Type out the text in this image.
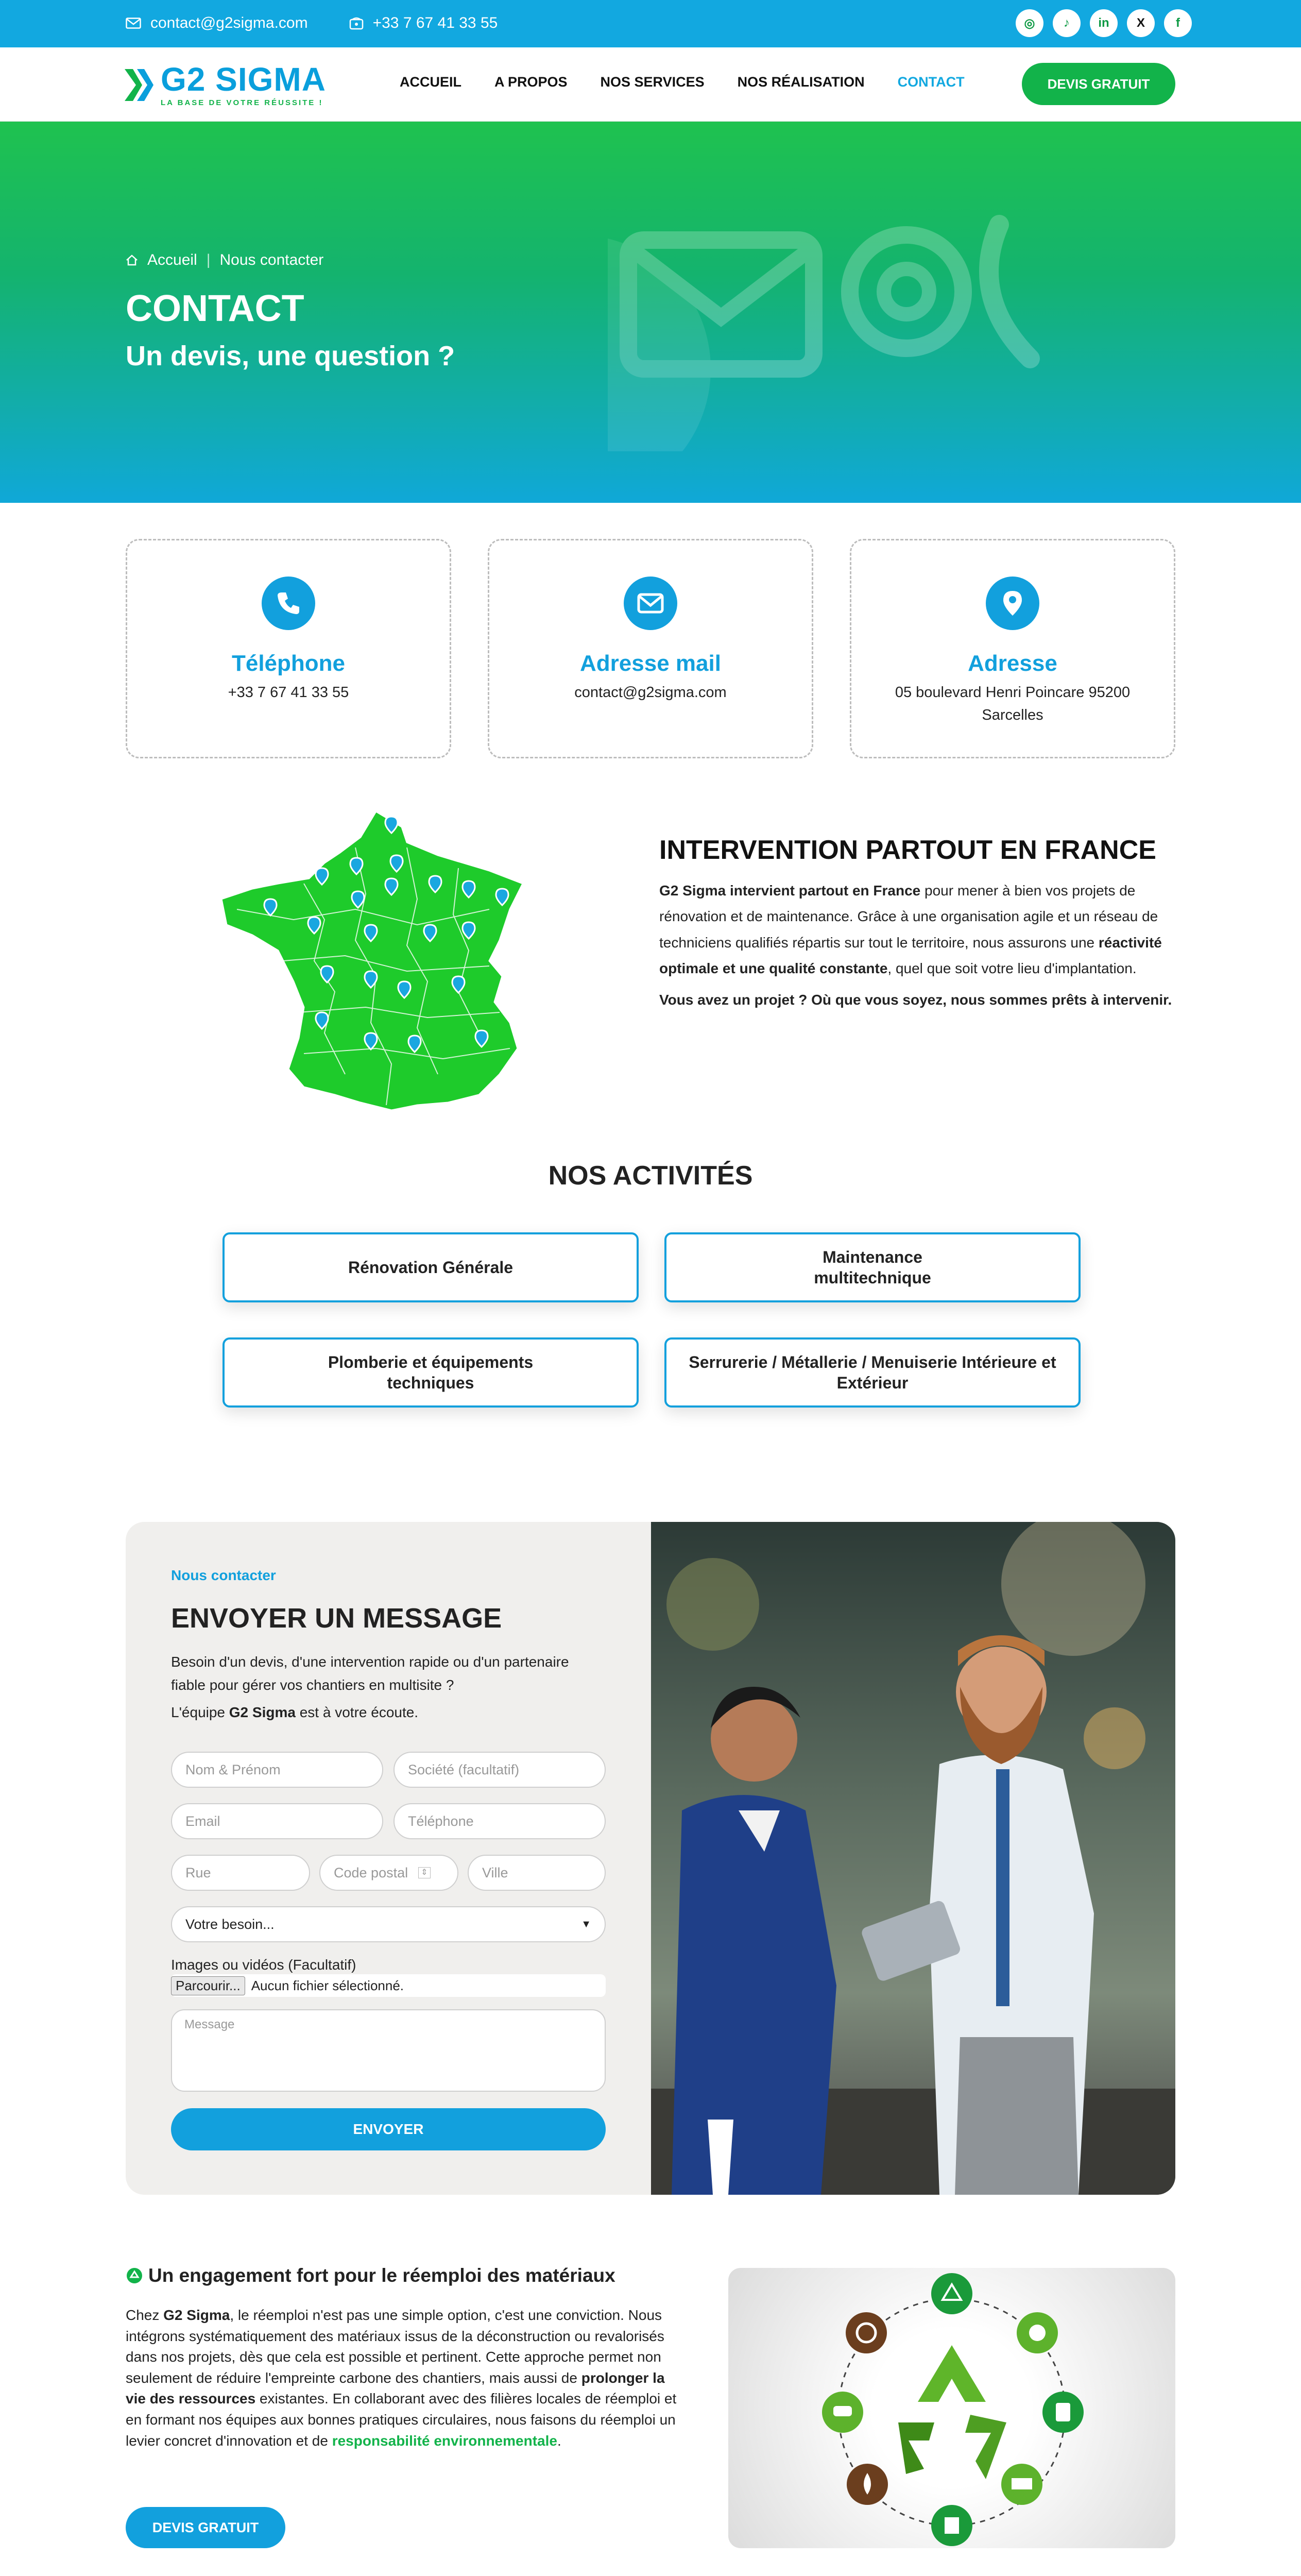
contact@g2sigma.com	+33 7 67 41 33 55	◎	♪	in	X	f
G2 SIGMA
LA BASE DE VOTRE RÉUSSITE !
ACCUEIL A PROPOS NOS SERVICES NOS RÉALISATION CONTACT	DEVIS GRATUIT
Accueil | Nous contacter
CONTACT
Un devis, une question ?
Téléphone

+33 7 67 41 33 55

Adresse mail

contact@g2sigma.com

Adresse

05 boulevard Henri Poincare 95200 Sarcelles

INTERVENTION PARTOUT EN FRANCE

G2 Sigma intervient partout en France pour mener à bien vos projets de rénovation et de maintenance. Grâce à une organisation agile et un réseau de techniciens qualifiés répartis sur tout le territoire, nous assurons une réactivité optimale et une qualité constante, quel que soit votre lieu d'implantation.

Vous avez un projet ? Où que vous soyez, nous sommes prêts à intervenir.

NOS ACTIVITÉS
Rénovation Générale
Maintenance multitechnique
Plomberie et équipements techniques
Serrurerie / Métallerie / Menuiserie Intérieure et Extérieur
Nous contacter
ENVOYER UN MESSAGE
Besoin d'un devis, d'une intervention rapide ou d'un partenaire fiable pour gérer vos chantiers en multisite ?
L'équipe G2 Sigma est à votre écoute.
Nom & Prénom	Société (facultatif)
Email	Téléphone
Rue	Code postal	⇕	Ville
Votre besoin...	▼
Images ou vidéos (Facultatif)
Parcourir... Aucun fichier sélectionné.
Message
ENVOYER
Un engagement fort pour le réemploi des matériaux

Chez G2 Sigma, le réemploi n'est pas une simple option, c'est une conviction. Nous intégrons systématiquement des matériaux issus de la déconstruction ou revalorisés dans nos projets, dès que cela est possible et pertinent. Cette approche permet non seulement de réduire l'empreinte carbone des chantiers, mais aussi de prolonger la vie des ressources existantes. En collaborant avec des filières locales de réemploi et en formant nos équipes aux bonnes pratiques circulaires, nous faisons du réemploi un levier concret d'innovation et de responsabilité environnementale.

DEVIS GRATUIT
